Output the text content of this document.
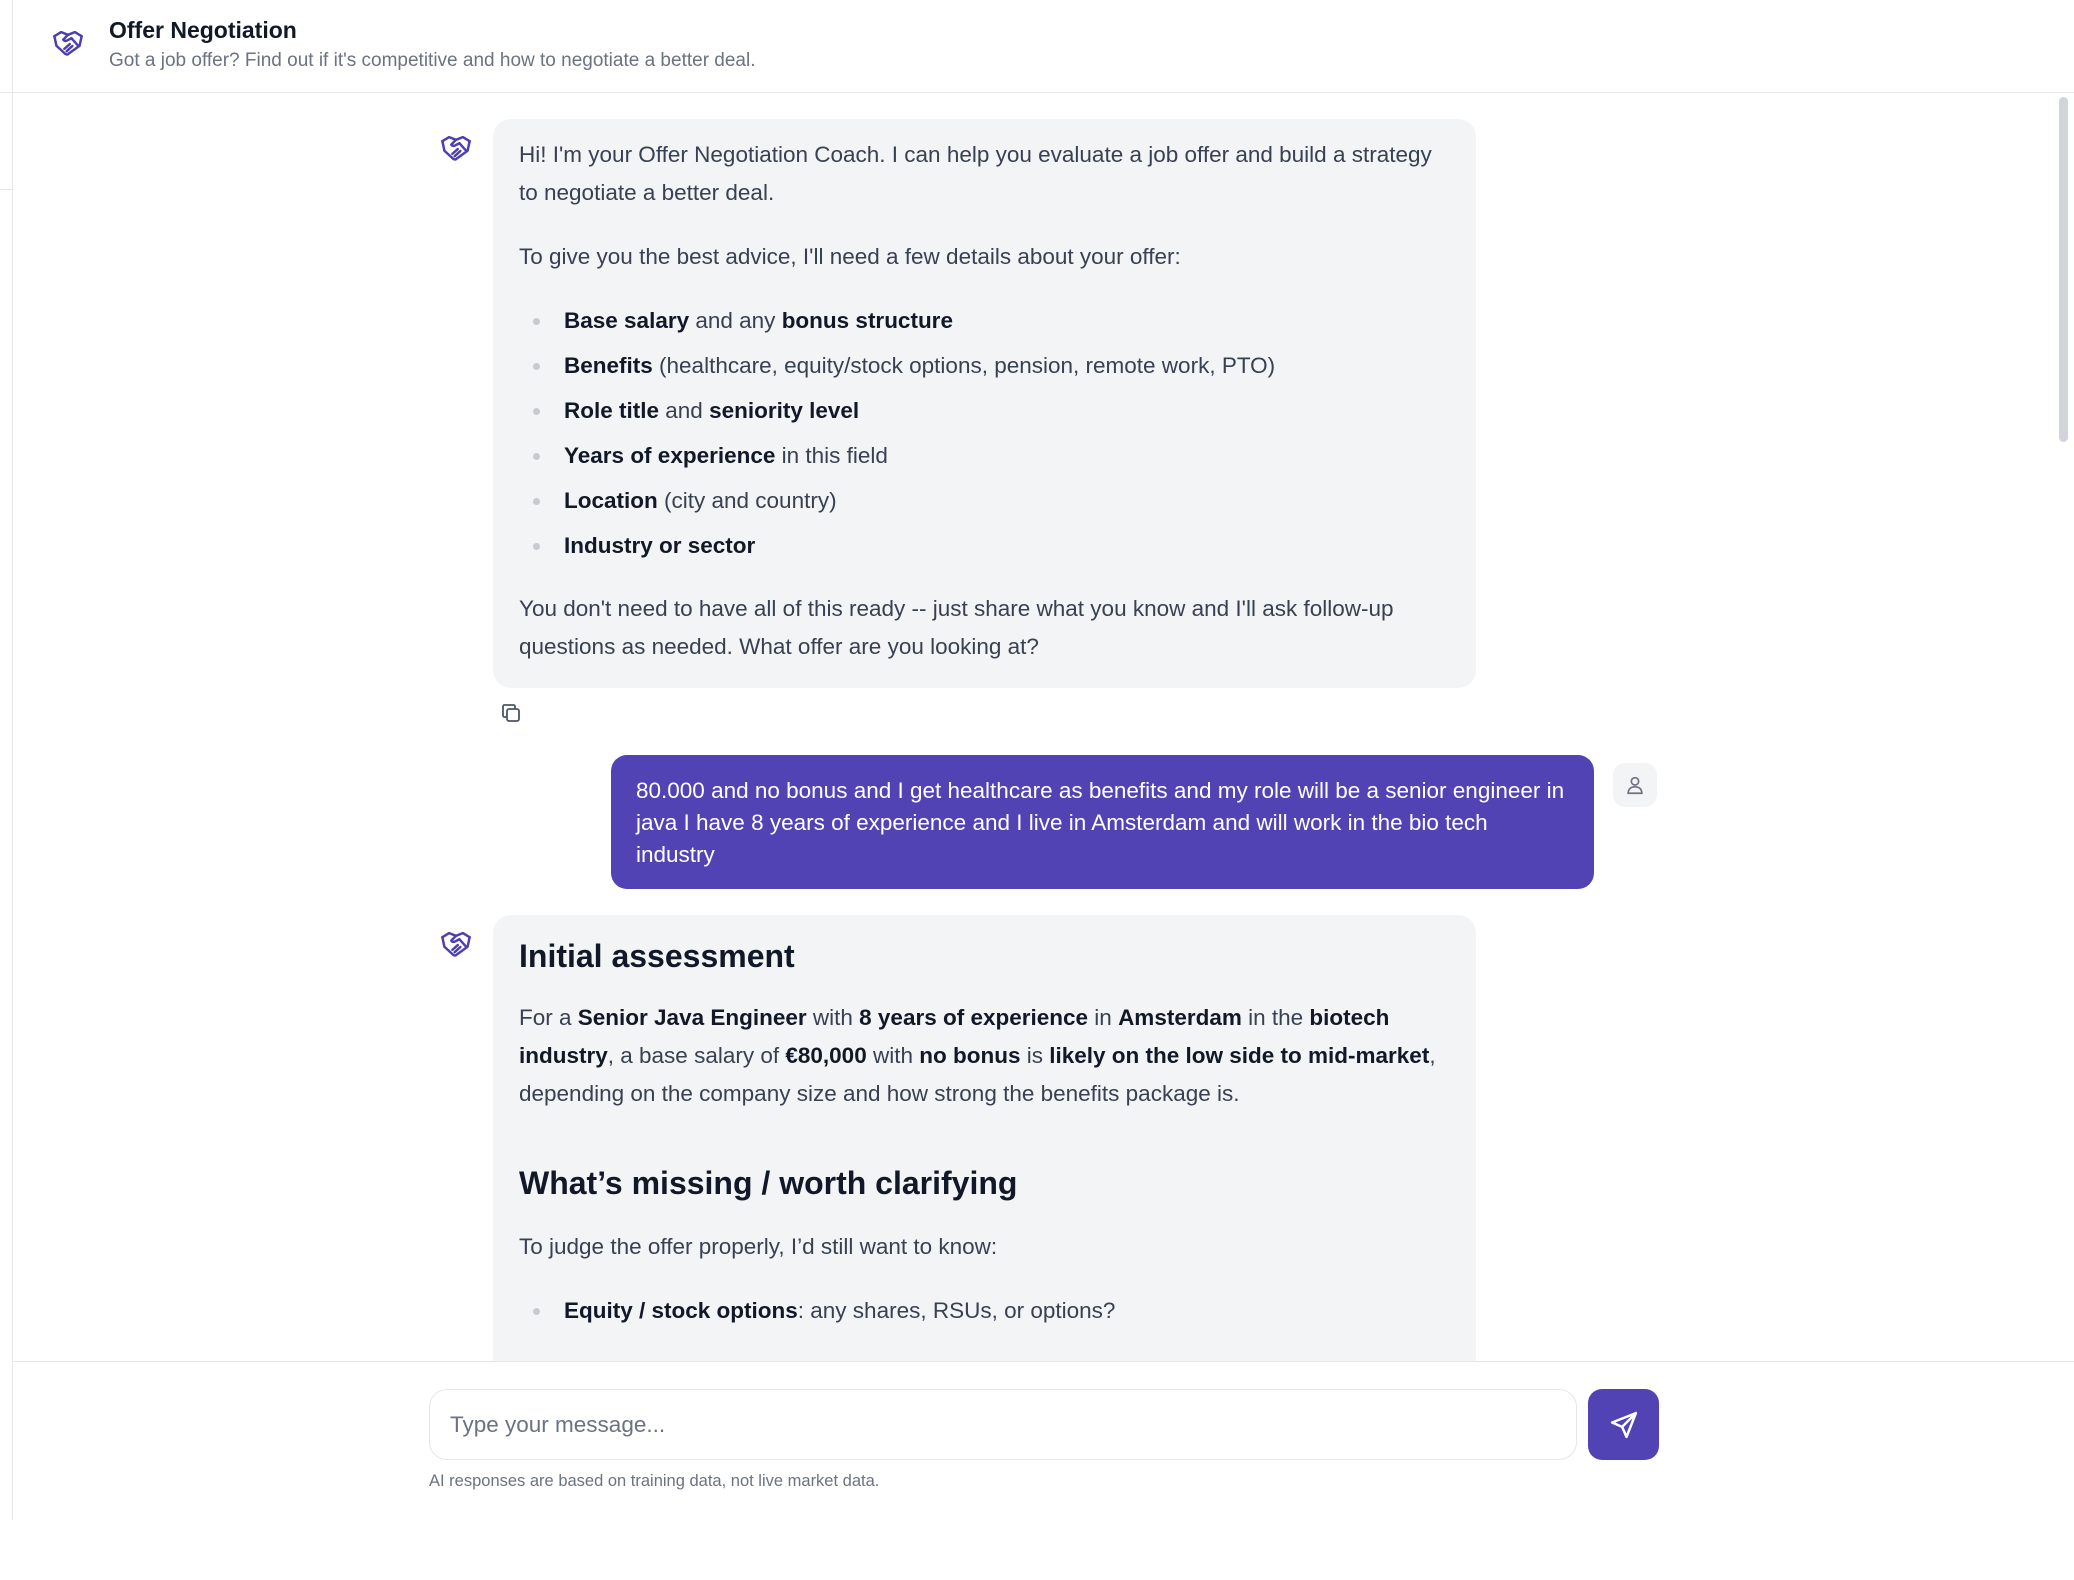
Offer Negotiation
Got a job offer? Find out if it's competitive and how to negotiate a better deal.

Hi! I'm your Offer Negotiation Coach. I can help you evaluate a job offer and build a strategy to negotiate a better deal.

To give you the best advice, I'll need a few details about your offer:

Base salary and any bonus structure
Benefits (healthcare, equity/stock options, pension, remote work, PTO)
Role title and seniority level
Years of experience in this field
Location (city and country)
Industry or sector

You don't need to have all of this ready -- just share what you know and I'll ask follow-up questions as needed. What offer are you looking at?

80.000 and no bonus and I get healthcare as benefits and my role will be a senior engineer in java I have 8 years of experience and I live in Amsterdam and will work in the bio tech industry
Initial assessment

For a Senior Java Engineer with 8 years of experience in Amsterdam in the biotech industry, a base salary of €80,000 with no bonus is likely on the low side to mid-market, depending on the company size and how strong the benefits package is.

What’s missing / worth clarifying

To judge the offer properly, I’d still want to know:

Equity / stock options: any shares, RSUs, or options?
Type your message...
AI responses are based on training data, not live market data.
